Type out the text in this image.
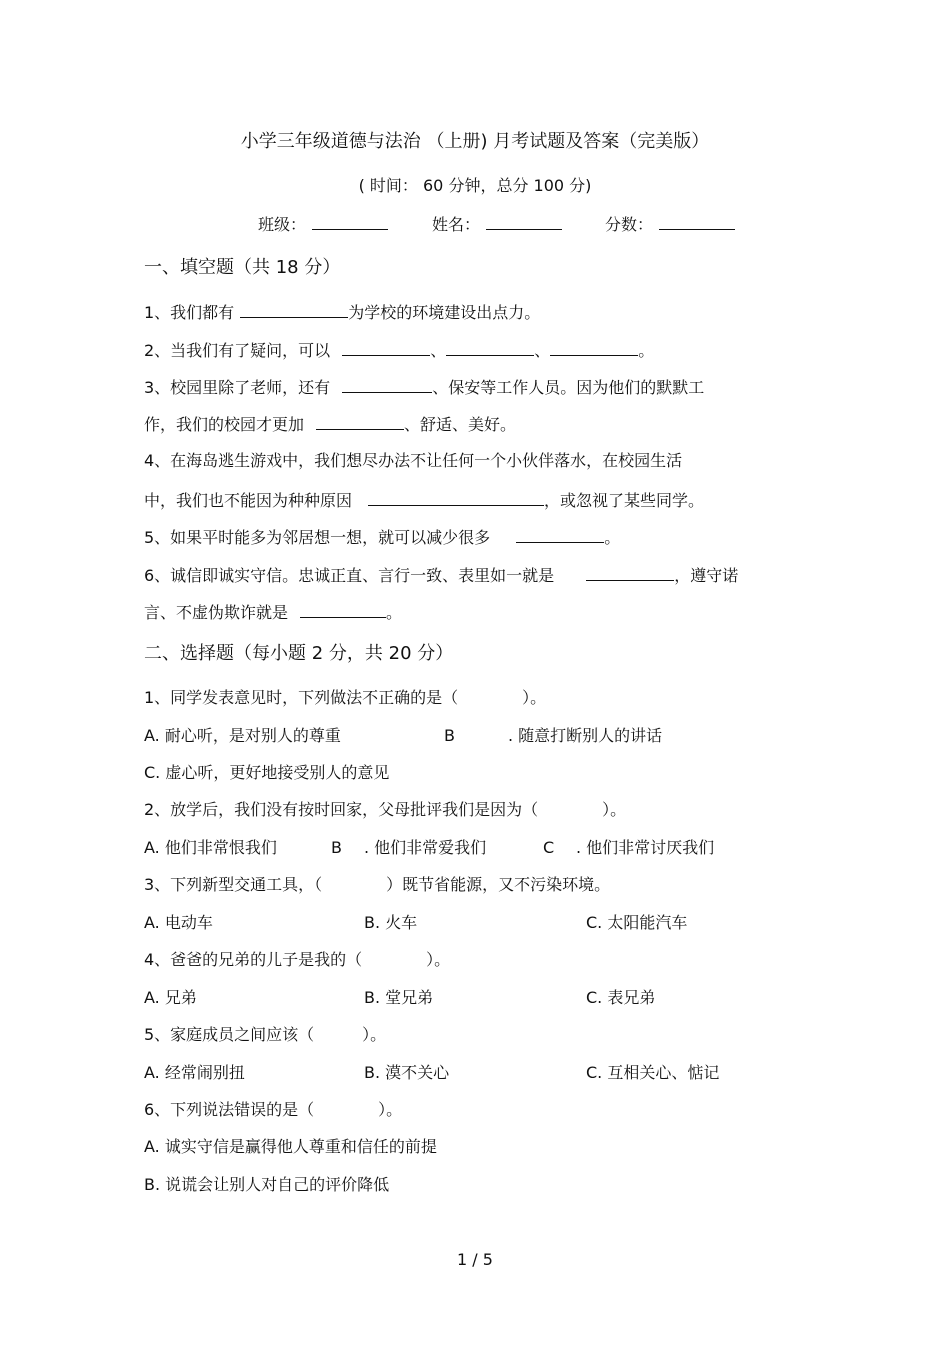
小学三年级道德与法治 （上册) 月考试题及答案（完美版）
( 时间： 60 分钟，总分 100 分)
班级：	姓名：	分数：
一、填空题（共 18 分）
1、我们都有	为学校的环境建设出点力。
2、当我们有了疑问，可以	、	、	。
3、校园里除了老师，还有	、保安等工作人员。因为他们的默默工
作，我们的校园才更加	、舒适、美好。
4、在海岛逃生游戏中，我们想尽办法不让任何一个小伙伴落水，在校园生活
中，我们也不能因为种种原因	，或忽视了某些同学。
5、如果平时能多为邻居想一想，就可以减少很多	。
6、诚信即诚实守信。忠诚正直、言行一致、表里如一就是	，遵守诺
言、不虚伪欺诈就是	。
二、选择题（每小题 2 分，共 20 分）
1、同学发表意见时，下列做法不正确的是（　　　　）。
A. 耐心听，是对别人的尊重	B	. 随意打断别人的讲话
C. 虚心听，更好地接受别人的意见
2、放学后，我们没有按时回家，父母批评我们是因为（　　　　）。
A. 他们非常恨我们	B . 他们非常爱我们	C . 他们非常讨厌我们
3、下列新型交通工具，（　　　　）既节省能源，又不污染环境。
A. 电动车	B. 火车	C. 太阳能汽车
4、爸爸的兄弟的儿子是我的（　　　　）。
A. 兄弟	B. 堂兄弟	C. 表兄弟
5、家庭成员之间应该（　　　）。
A. 经常闹别扭	B. 漠不关心	C. 互相关心、惦记
6、下列说法错误的是（　　　　）。
A. 诚实守信是赢得他人尊重和信任的前提
B. 说谎会让别人对自己的评价降低
1 / 5
